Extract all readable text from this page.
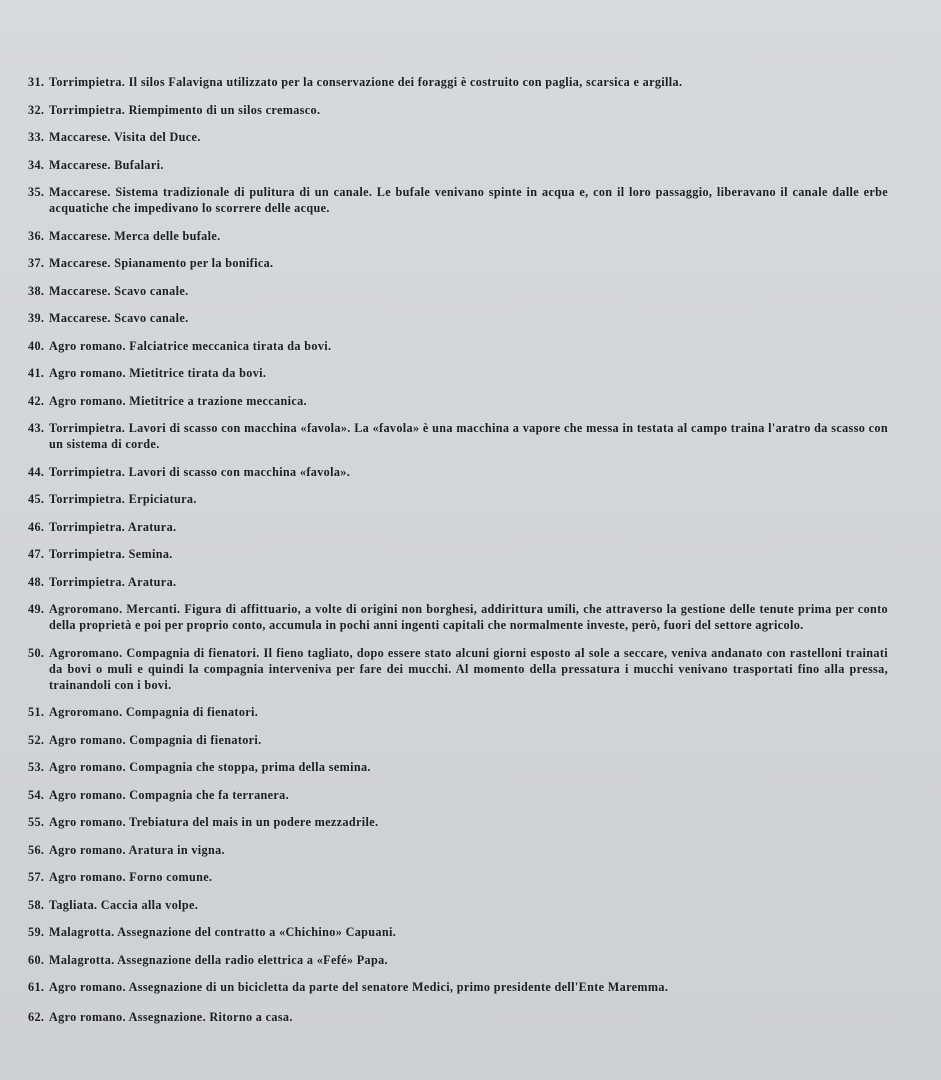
31. Torrimpietra. Il silos Falavigna utilizzato per la conservazione dei foraggi è costruito con paglia, scarsica e argilla.
32. Torrimpietra. Riempimento di un silos cremasco.
33. Maccarese. Visita del Duce.
34. Maccarese. Bufalari.
35. Maccarese. Sistema tradizionale di pulitura di un canale. Le bufale venivano spinte in acqua e, con il loro passaggio, liberavano il canale dalle erbe acquatiche che impedivano lo scorrere delle acque.
36. Maccarese. Merca delle bufale.
37. Maccarese. Spianamento per la bonifica.
38. Maccarese. Scavo canale.
39. Maccarese. Scavo canale.
40. Agro romano. Falciatrice meccanica tirata da bovi.
41. Agro romano. Mietitrice tirata da bovi.
42. Agro romano. Mietitrice a trazione meccanica.
43. Torrimpietra. Lavori di scasso con macchina «favola». La «favola» è una macchina a vapore che messa in testata al campo traina l'aratro da scasso con un sistema di corde.
44. Torrimpietra. Lavori di scasso con macchina «favola».
45. Torrimpietra. Erpiciatura.
46. Torrimpietra. Aratura.
47. Torrimpietra. Semina.
48. Torrimpietra. Aratura.
49. Agroromano. Mercanti. Figura di affittuario, a volte di origini non borghesi, addirittura umili, che attraverso la gestione delle tenute prima per conto della proprietà e poi per proprio conto, accumula in pochi anni ingenti capitali che normalmente investe, però, fuori del settore agricolo.
50. Agroromano. Compagnia di fienatori. Il fieno tagliato, dopo essere stato alcuni giorni esposto al sole a seccare, veniva andanato con rastelloni trainati da bovi o muli e quindi la compagnia interveniva per fare dei mucchi. Al momento della pressatura i mucchi venivano trasportati fino alla pressa, trainandoli con i bovi.
51. Agroromano. Compagnia di fienatori.
52. Agro romano. Compagnia di fienatori.
53. Agro romano. Compagnia che stoppa, prima della semina.
54. Agro romano. Compagnia che fa terranera.
55. Agro romano. Trebiatura del mais in un podere mezzadrile.
56. Agro romano. Aratura in vigna.
57. Agro romano. Forno comune.
58. Tagliata. Caccia alla volpe.
59. Malagrotta. Assegnazione del contratto a «Chichino» Capuani.
60. Malagrotta. Assegnazione della radio elettrica a «Fefé» Papa.
61. Agro romano. Assegnazione di un bicicletta da parte del senatore Medici, primo presidente dell'Ente Maremma.
62. Agro romano. Assegnazione. Ritorno a casa.
